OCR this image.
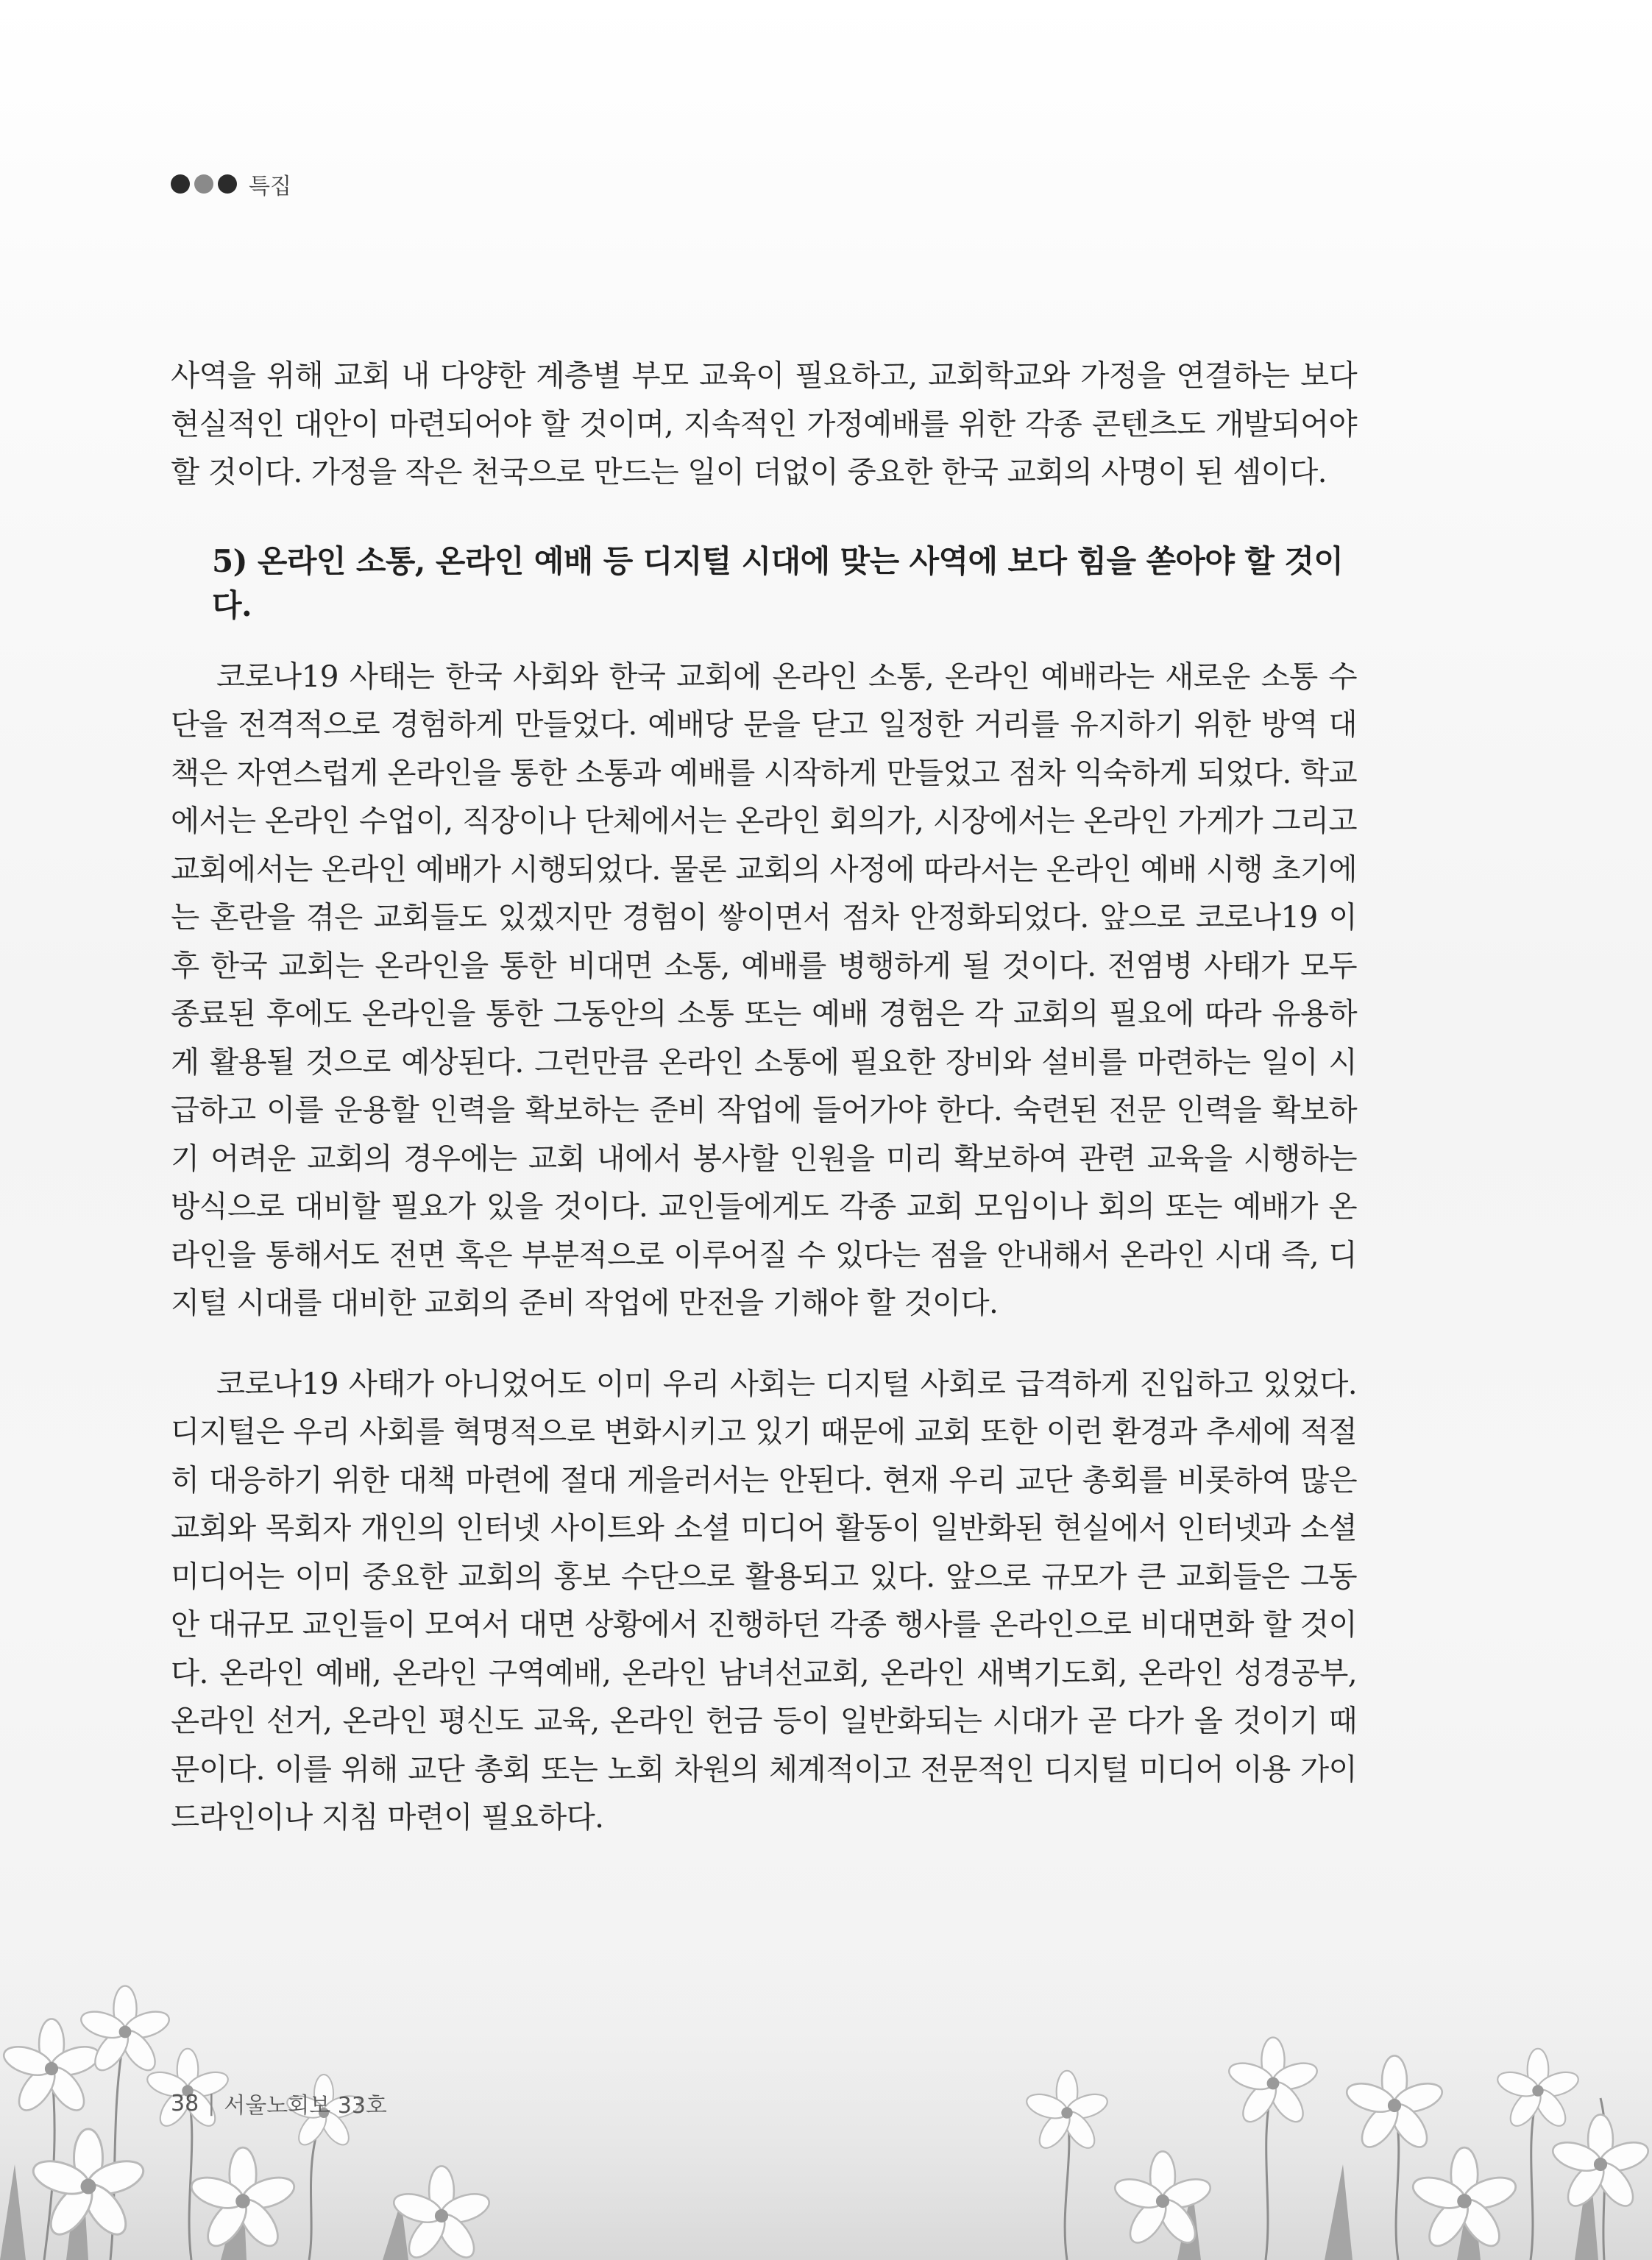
특집

사역을 위해 교회 내 다양한 계층별 부모 교육이 필요하고, 교회학교와 가정을 연결하는 보다 현실적인 대안이 마련되어야 할 것이며, 지속적인 가정예배를 위한 각종 콘텐츠도 개발되어야 할 것이다. 가정을 작은 천국으로 만드는 일이 더없이 중요한 한국 교회의 사명이 된 셈이다.

5) 온라인 소통, 온라인 예배 등 디지털 시대에 맞는 사역에 보다 힘을 쏟아야 할 것이다.

코로나19 사태는 한국 사회와 한국 교회에 온라인 소통, 온라인 예배라는 새로운 소통 수단을 전격적으로 경험하게 만들었다. 예배당 문을 닫고 일정한 거리를 유지하기 위한 방역 대책은 자연스럽게 온라인을 통한 소통과 예배를 시작하게 만들었고 점차 익숙하게 되었다. 학교에서는 온라인 수업이, 직장이나 단체에서는 온라인 회의가, 시장에서는 온라인 가게가 그리고 교회에서는 온라인 예배가 시행되었다. 물론 교회의 사정에 따라서는 온라인 예배 시행 초기에는 혼란을 겪은 교회들도 있겠지만 경험이 쌓이면서 점차 안정화되었다. 앞으로 코로나19 이후 한국 교회는 온라인을 통한 비대면 소통, 예배를 병행하게 될 것이다. 전염병 사태가 모두 종료된 후에도 온라인을 통한 그동안의 소통 또는 예배 경험은 각 교회의 필요에 따라 유용하게 활용될 것으로 예상된다. 그런만큼 온라인 소통에 필요한 장비와 설비를 마련하는 일이 시급하고 이를 운용할 인력을 확보하는 준비 작업에 들어가야 한다. 숙련된 전문 인력을 확보하기 어려운 교회의 경우에는 교회 내에서 봉사할 인원을 미리 확보하여 관련 교육을 시행하는 방식으로 대비할 필요가 있을 것이다. 교인들에게도 각종 교회 모임이나 회의 또는 예배가 온라인을 통해서도 전면 혹은 부분적으로 이루어질 수 있다는 점을 안내해서 온라인 시대 즉, 디지털 시대를 대비한 교회의 준비 작업에 만전을 기해야 할 것이다.

코로나19 사태가 아니었어도 이미 우리 사회는 디지털 사회로 급격하게 진입하고 있었다. 디지털은 우리 사회를 혁명적으로 변화시키고 있기 때문에 교회 또한 이런 환경과 추세에 적절히 대응하기 위한 대책 마련에 절대 게을러서는 안된다. 현재 우리 교단 총회를 비롯하여 많은 교회와 목회자 개인의 인터넷 사이트와 소셜 미디어 활동이 일반화된 현실에서 인터넷과 소셜 미디어는 이미 중요한 교회의 홍보 수단으로 활용되고 있다. 앞으로 규모가 큰 교회들은 그동안 대규모 교인들이 모여서 대면 상황에서 진행하던 각종 행사를 온라인으로 비대면화 할 것이다. 온라인 예배, 온라인 구역예배, 온라인 남녀선교회, 온라인 새벽기도회, 온라인 성경공부, 온라인 선거, 온라인 평신도 교육, 온라인 헌금 등이 일반화되는 시대가 곧 다가 올 것이기 때문이다. 이를 위해 교단 총회 또는 노회 차원의 체계적이고 전문적인 디지털 미디어 이용 가이드라인이나 지침 마련이 필요하다.

38 | 서울노회보 33호
